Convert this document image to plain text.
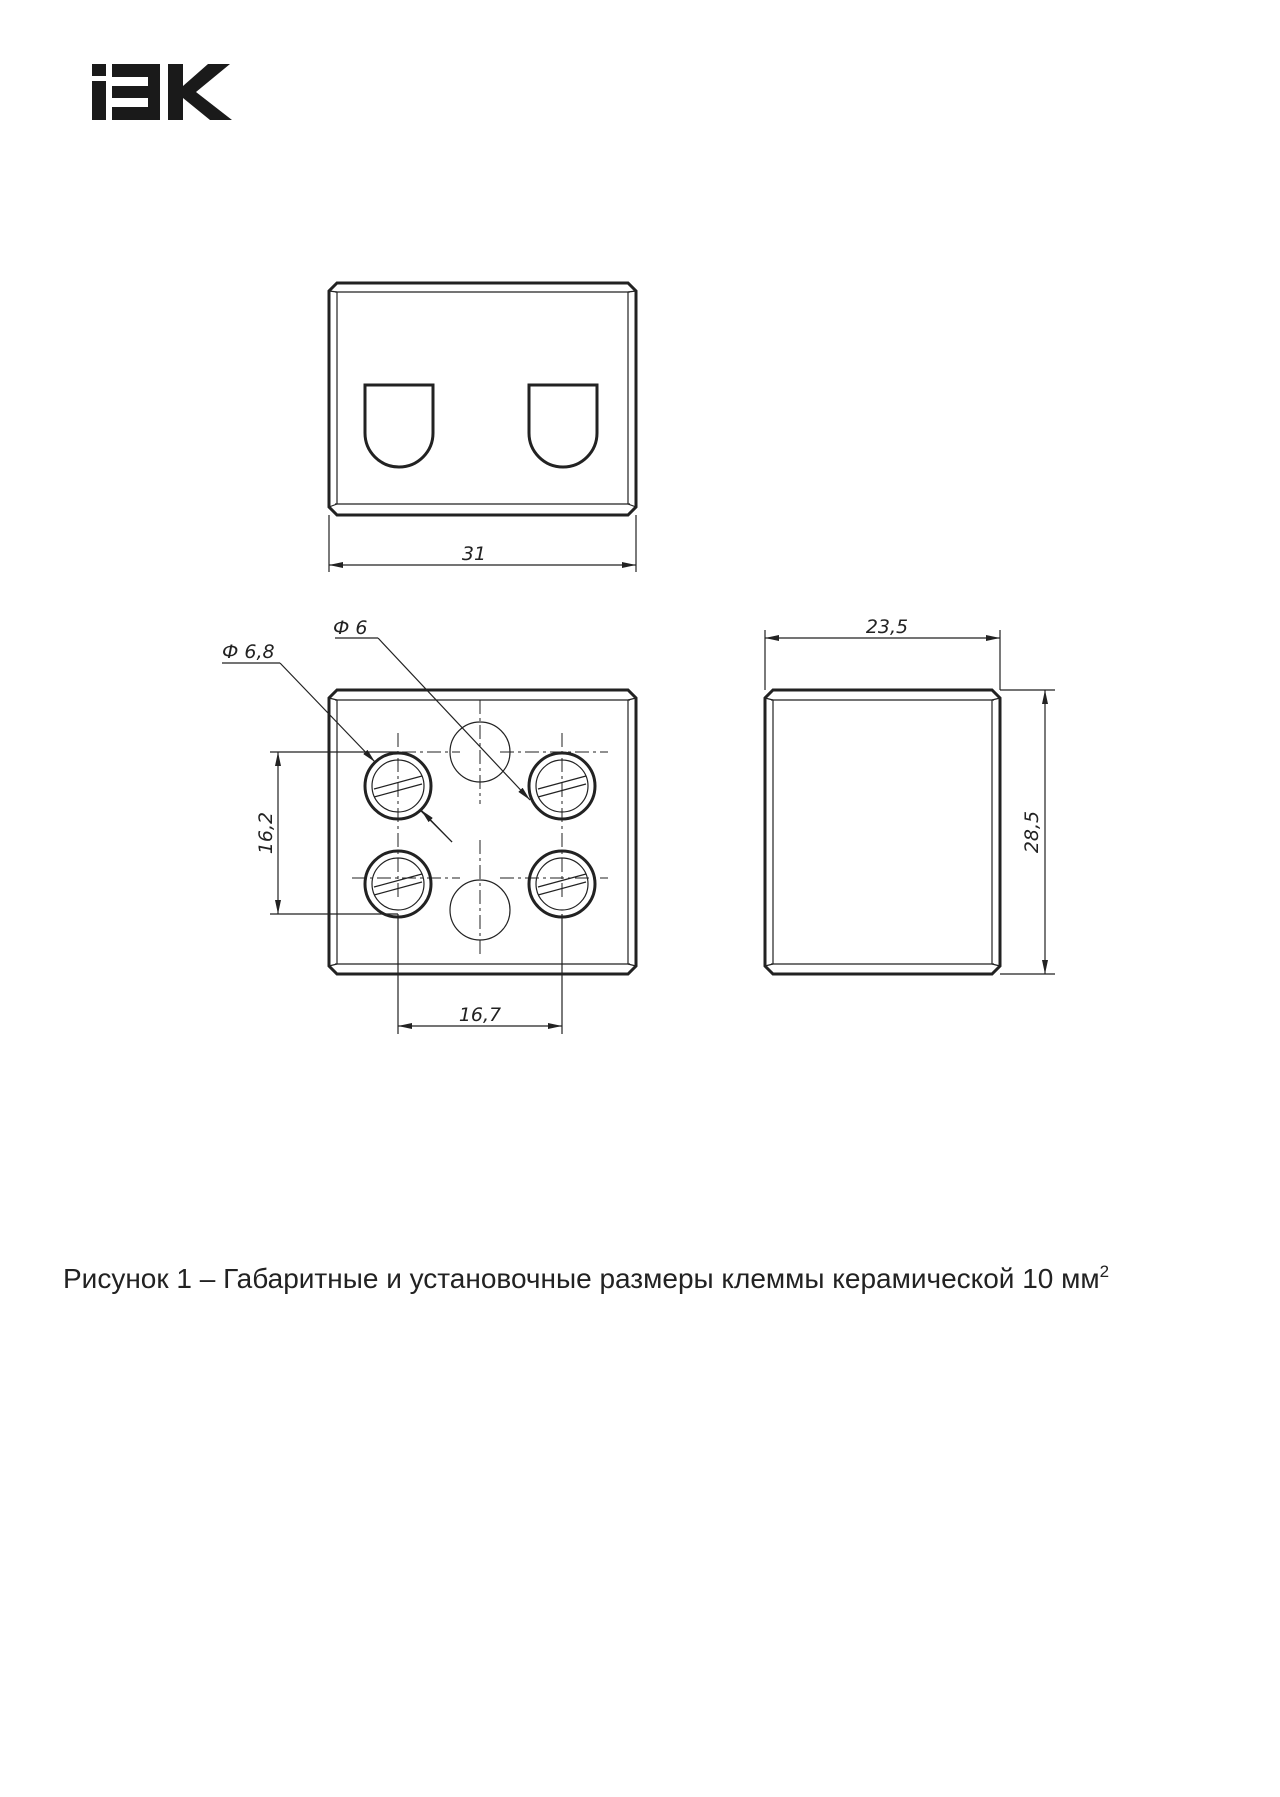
31
Ф 6
Ф 6,8
16,2
16,7
23,5
28,5
Рисунок 1 – Габаритные и установочные размеры клеммы керамической 10 $мм^2$
